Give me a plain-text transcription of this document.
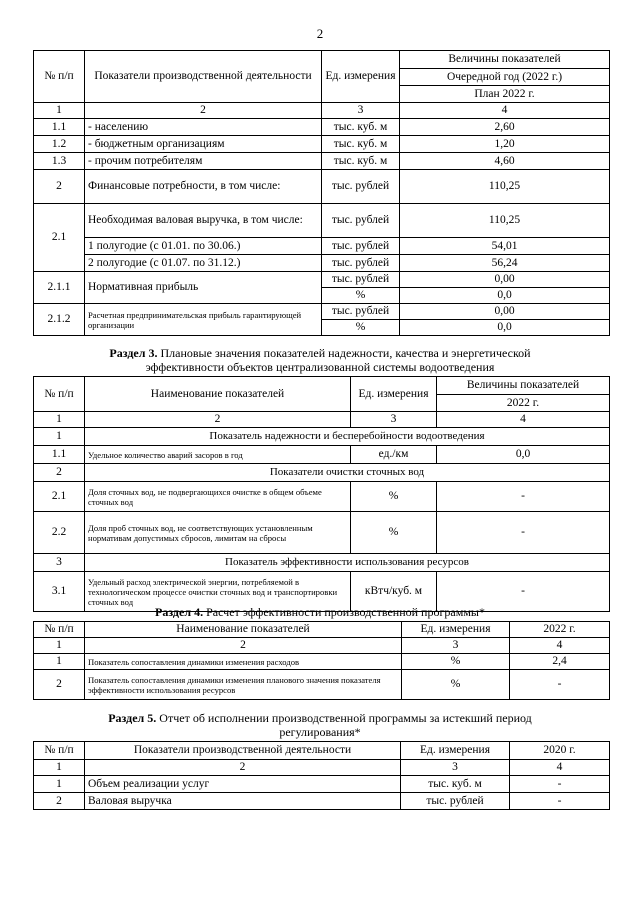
2
№ п/п	Показатели производственной деятельности	Ед. измерения	Величины показателей
			Очередной год (2022 г.)
			План 2022 г.
1	2	3	4
1.1	- населению	тыс. куб. м	2,60
1.2	- бюджетным организациям	тыс. куб. м	1,20
1.3	- прочим потребителям	тыс. куб. м	4,60
2	Финансовые потребности, в том числе:	тыс. рублей	110,25
2.1	Необходимая валовая выручка, в том числе:	тыс. рублей	110,25
	1 полугодие (с 01.01. по 30.06.)	тыс. рублей	54,01
	2 полугодие (с 01.07. по 31.12.)	тыс. рублей	56,24
2.1.1	Нормативная прибыль	тыс. рублей	0,00
		%	0,0
2.1.2	Расчетная предпринимательская прибыль гарантирующей организации	тыс. рублей	0,00
		%	0,0
Раздел 3. Плановые значения показателей надежности, качества и энергетической
эффективности объектов централизованной системы водоотведения
№ п/п	Наименование показателей	Ед. измерения	Величины показателей
			2022 г.
1	2	3	4
1	Показатель надежности и бесперебойности водоотведения		
1.1	Удельное количество аварий засоров в год	ед./км	0,0
2	Показатели очистки сточных вод		
2.1	Доля сточных вод, не подвергающихся очистке в общем объеме сточных вод	%	-
2.2	Доля проб сточных вод, не соответствующих установленным нормативам допустимых сбросов, лимитам на сбросы	%	-
3	Показатель эффективности использования ресурсов		
3.1	Удельный расход электрической энергии, потребляемой в технологическом процессе очистки сточных вод и транспортировки сточных вод	кВтч/куб. м	-
Раздел 4. Расчет эффективности производственной программы*
№ п/п	Наименование показателей	Ед. измерения	2022 г.
1	2	3	4
1	Показатель сопоставления динамики изменения расходов	%	2,4
2	Показатель сопоставления динамики изменения планового значения показателя эффективности использования ресурсов	%	-
Раздел 5. Отчет об исполнении производственной программы за истекший период
регулирования*
№ п/п	Показатели производственной деятельности	Ед. измерения	2020 г.
1	2	3	4
1	Объем реализации услуг	тыс. куб. м	-
2	Валовая выручка	тыс. рублей	-
